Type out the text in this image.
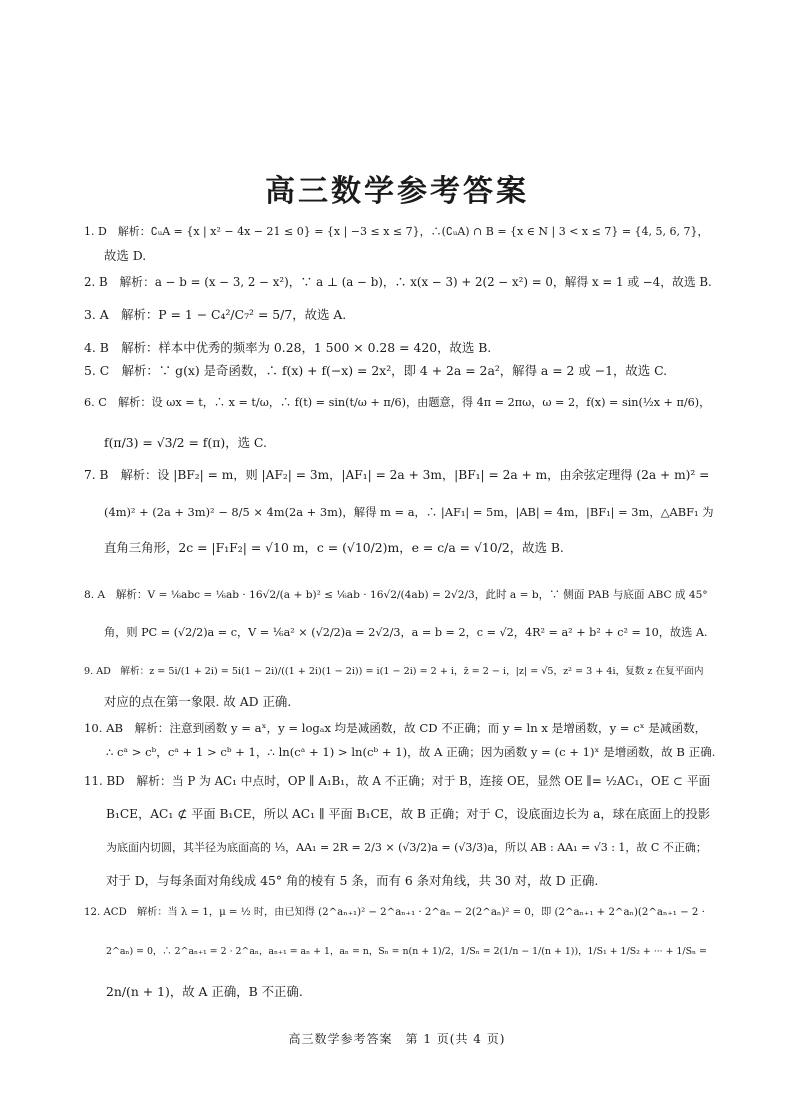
高三数学参考答案

1. D　解析：∁ᵤA = {x | x² − 4x − 21 ≤ 0} = {x | −3 ≤ x ≤ 7}，∴(∁ᵤA) ∩ B = {x ∈ N | 3 < x ≤ 7} = {4, 5, 6, 7}，

故选 D.

2. B　解析：a − b = (x − 3, 2 − x²)，∵ a ⊥ (a − b)，∴ x(x − 3) + 2(2 − x²) = 0，解得 x = 1 或 −4，故选 B.

3. A　解析：P = 1 − C₄²/C₇² = 5/7，故选 A.

4. B　解析：样本中优秀的频率为 0.28，1 500 × 0.28 = 420，故选 B.

5. C　解析：∵ g(x) 是奇函数，∴ f(x) + f(−x) = 2x²，即 4 + 2a = 2a²，解得 a = 2 或 −1，故选 C.

6. C　解析：设 ωx = t，∴ x = t/ω，∴ f(t) = sin(t/ω + π/6)，由题意，得 4π = 2πω，ω = 2，f(x) = sin(½x + π/6)，

f(π/3) = √3/2 = f(π)，选 C.

7. B　解析：设 |BF₂| = m，则 |AF₂| = 3m，|AF₁| = 2a + 3m，|BF₁| = 2a + m，由余弦定理得 (2a + m)² =

(4m)² + (2a + 3m)² − 8/5 × 4m(2a + 3m)，解得 m = a，∴ |AF₁| = 5m，|AB| = 4m，|BF₁| = 3m，△ABF₁ 为

直角三角形，2c = |F₁F₂| = √10 m，c = (√10/2)m，e = c/a = √10/2，故选 B.

8. A　解析：V = ⅙abc = ⅙ab · 16√2/(a + b)² ≤ ⅙ab · 16√2/(4ab) = 2√2/3，此时 a = b，∵ 侧面 PAB 与底面 ABC 成 45°

角，则 PC = (√2/2)a = c，V = ⅙a² × (√2/2)a = 2√2/3，a = b = 2，c = √2，4R² = a² + b² + c² = 10，故选 A.

9. AD　解析：z = 5i/(1 + 2i) = 5i(1 − 2i)/((1 + 2i)(1 − 2i)) = i(1 − 2i) = 2 + i，z̄ = 2 − i，|z| = √5，z² = 3 + 4i，复数 z 在复平面内

对应的点在第一象限. 故 AD 正确.

10. AB　解析：注意到函数 y = aˣ，y = logₐx 均是减函数，故 CD 不正确；而 y = ln x 是增函数，y = cˣ 是减函数，

∴ cᵃ > cᵇ，cᵃ + 1 > cᵇ + 1，∴ ln(cᵃ + 1) > ln(cᵇ + 1)，故 A 正确；因为函数 y = (c + 1)ˣ 是增函数，故 B 正确.

11. BD　解析：当 P 为 AC₁ 中点时，OP ∥ A₁B₁，故 A 不正确；对于 B，连接 OE，显然 OE ∥= ½AC₁，OE ⊂ 平面

B₁CE，AC₁ ⊄ 平面 B₁CE，所以 AC₁ ∥ 平面 B₁CE，故 B 正确；对于 C，设底面边长为 a，球在底面上的投影

为底面内切圆，其半径为底面高的 ⅓，AA₁ = 2R = 2/3 × (√3/2)a = (√3/3)a，所以 AB : AA₁ = √3 : 1，故 C 不正确；

对于 D，与每条面对角线成 45° 角的棱有 5 条，而有 6 条对角线，共 30 对，故 D 正确.

12. ACD　解析：当 λ = 1，μ = ½ 时，由已知得 (2^aₙ₊₁)² − 2^aₙ₊₁ · 2^aₙ − 2(2^aₙ)² = 0，即 (2^aₙ₊₁ + 2^aₙ)(2^aₙ₊₁ − 2 ·

2^aₙ) = 0，∴ 2^aₙ₊₁ = 2 · 2^aₙ，aₙ₊₁ = aₙ + 1，aₙ = n，Sₙ = n(n + 1)/2，1/Sₙ = 2(1/n − 1/(n + 1))，1/S₁ + 1/S₂ + ··· + 1/Sₙ =

2n/(n + 1)，故 A 正确，B 不正确.

高三数学参考答案　第 1 页(共 4 页)
